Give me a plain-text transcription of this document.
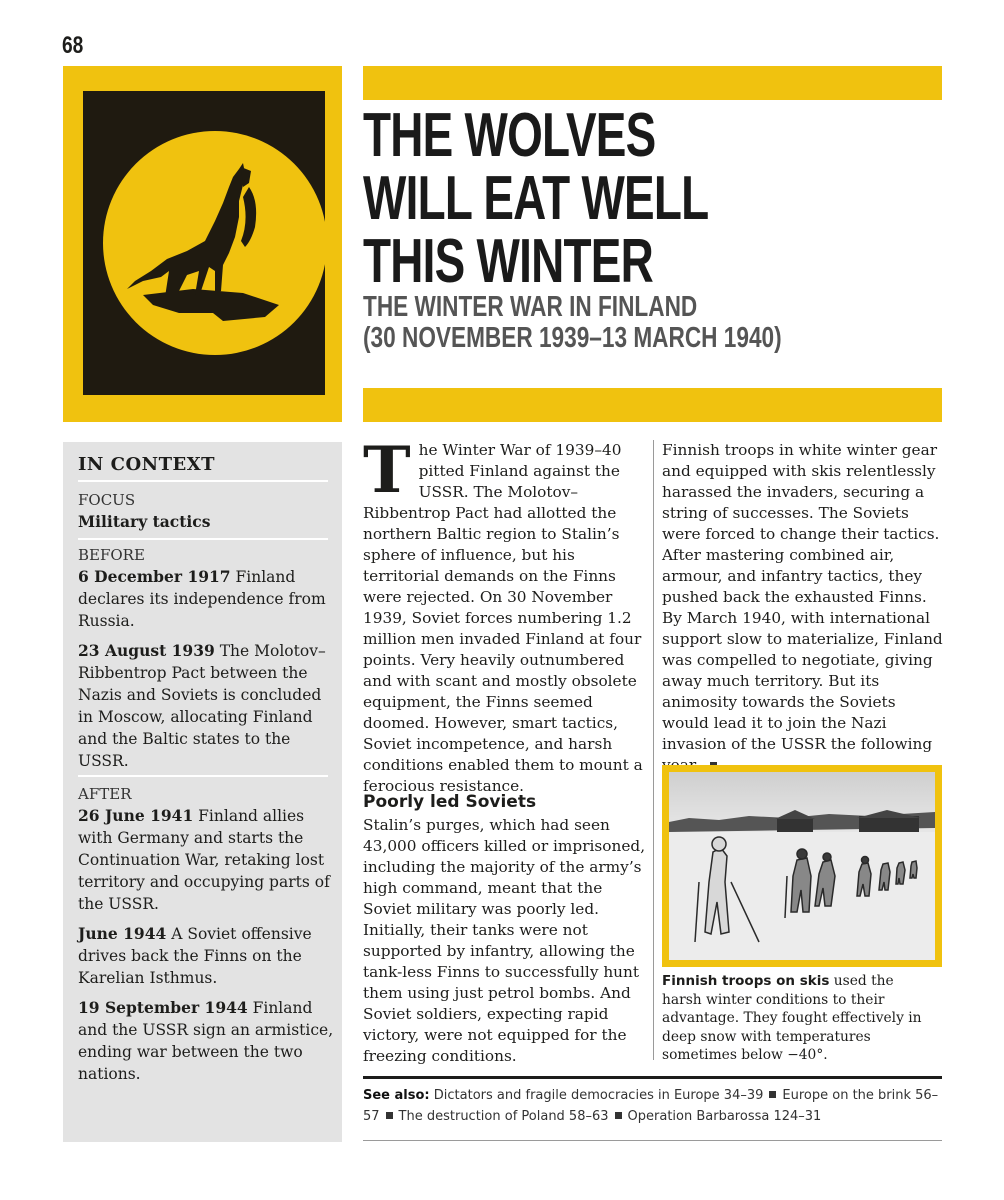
68
THE WOLVES
WILL EAT WELL
THIS WINTER
THE WINTER WAR IN FINLAND
(30 NOVEMBER 1939–13 MARCH 1940)
IN CONTEXT
FOCUS
Military tactics
BEFORE
6 December 1917 Finland declares its independence from Russia.
23 August 1939 The Molotov–Ribbentrop Pact between the Nazis and Soviets is concluded in Moscow, allocating Finland and the Baltic states to the USSR.
AFTER
26 June 1941 Finland allies with Germany and starts the Continuation War, retaking lost territory and occupying parts of the USSR.
June 1944 A Soviet offensive drives back the Finns on the Karelian Isthmus.
19 September 1944 Finland and the USSR sign an armistice, ending war between the two nations.
The Winter War of 1939–40 pitted Finland against the USSR. The Molotov–Ribbentrop Pact had allotted the northern Baltic region to Stalin’s sphere of influence, but his territorial demands on the Finns were rejected. On 30 November 1939, Soviet forces numbering 1.2 million men invaded Finland at four points. Very heavily outnumbered and with scant and mostly obsolete equipment, the Finns seemed doomed. However, smart tactics, Soviet incompetence, and harsh conditions enabled them to mount a ferocious resistance.
Poorly led Soviets
Stalin’s purges, which had seen 43,000 officers killed or imprisoned, including the majority of the army’s high command, meant that the Soviet military was poorly led. Initially, their tanks were not supported by infantry, allowing the tank-less Finns to successfully hunt them using just petrol bombs. And Soviet soldiers, expecting rapid victory, were not equipped for the freezing conditions.
Finnish troops in white winter gear and equipped with skis relentlessly harassed the invaders, securing a string of successes. The Soviets were forced to change their tactics. After mastering combined air, armour, and infantry tactics, they pushed back the exhausted Finns. By March 1940, with international support slow to materialize, Finland was compelled to negotiate, giving away much territory. But its animosity towards the Soviets would lead it to join the Nazi invasion of the USSR the following
Finnish troops on skis used the harsh winter conditions to their advantage. They fought effectively in deep snow with temperatures sometimes below −40°.
See also: Dictators and fragile democracies in Europe 34–39 Europe on the brink 56–57 The destruction of Poland 58–63 Operation Barbarossa 124–31
